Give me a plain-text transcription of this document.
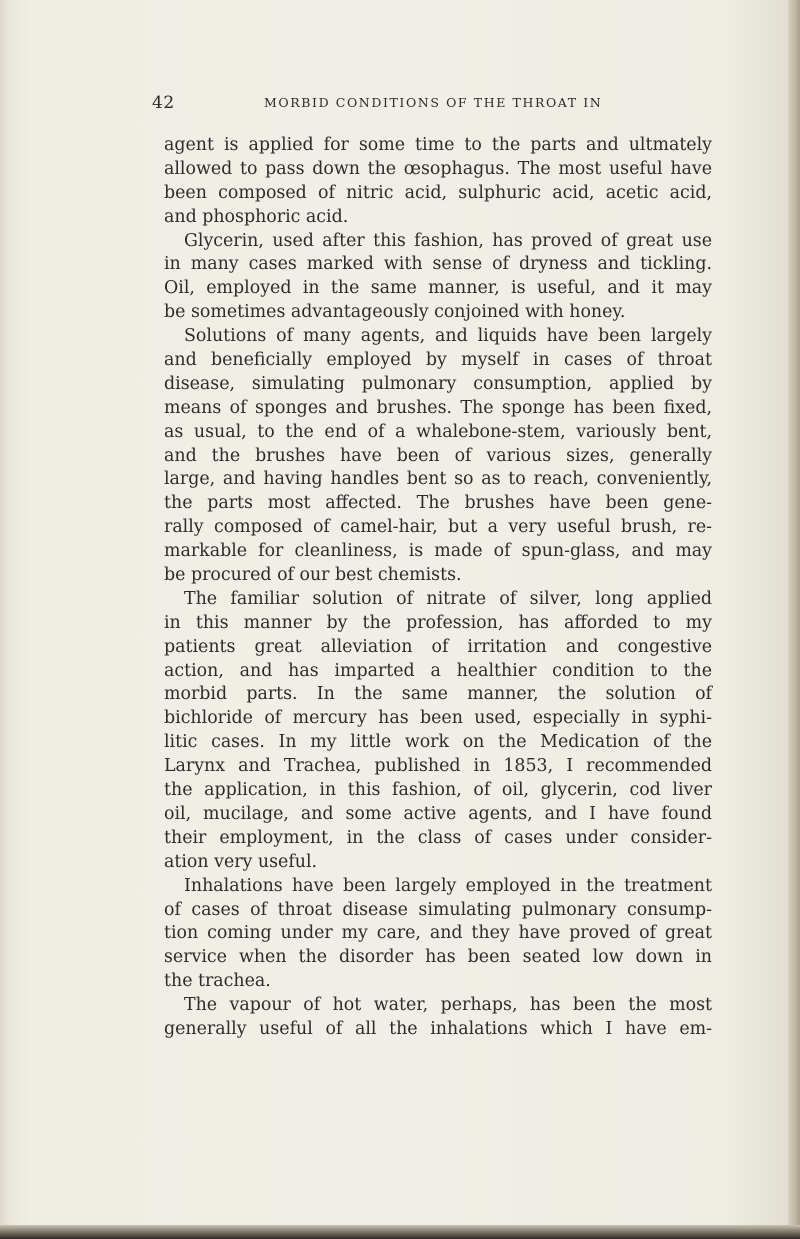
42	MORBID CONDITIONS OF THE THROAT IN
agent is applied for some time to the parts and ultmately
allowed to pass down the œsophagus. The most useful have
been composed of nitric acid, sulphuric acid, acetic acid,
and phosphoric acid.
Glycerin, used after this fashion, has proved of great use
in many cases marked with sense of dryness and tickling.
Oil, employed in the same manner, is useful, and it may
be sometimes advantageously conjoined with honey.
Solutions of many agents, and liquids have been largely
and beneficially employed by myself in cases of throat
disease, simulating pulmonary consumption, applied by
means of sponges and brushes. The sponge has been fixed,
as usual, to the end of a whalebone-stem, variously bent,
and the brushes have been of various sizes, generally
large, and having handles bent so as to reach, conveniently,
the parts most affected. The brushes have been gene-
rally composed of camel-hair, but a very useful brush, re-
markable for cleanliness, is made of spun-glass, and may
be procured of our best chemists.
The familiar solution of nitrate of silver, long applied
in this manner by the profession, has afforded to my
patients great alleviation of irritation and congestive
action, and has imparted a healthier condition to the
morbid parts. In the same manner, the solution of
bichloride of mercury has been used, especially in syphi-
litic cases. In my little work on the Medication of the
Larynx and Trachea, published in 1853, I recommended
the application, in this fashion, of oil, glycerin, cod liver
oil, mucilage, and some active agents, and I have found
their employment, in the class of cases under consider-
ation very useful.
Inhalations have been largely employed in the treatment
of cases of throat disease simulating pulmonary consump-
tion coming under my care, and they have proved of great
service when the disorder has been seated low down in
the trachea.
The vapour of hot water, perhaps, has been the most
generally useful of all the inhalations which I have em-
